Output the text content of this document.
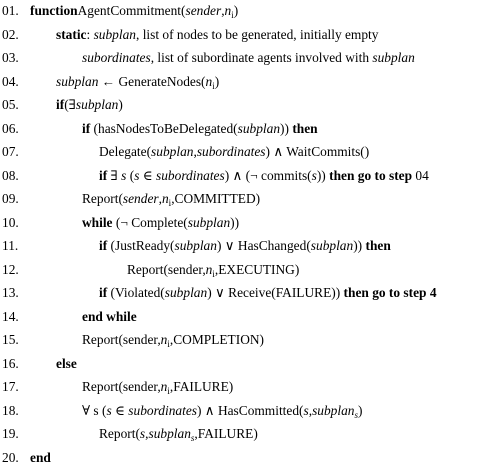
01. $functionAgentCommitment(sender,n_i)$
02.	static: subplan, list of nodes to be generated, initially empty
03.	subordinates, list of subordinate agents involved with subplan
04.	subplan ← $GenerateNodes(n_i)$
05.	if(∃subplan)
06.	if (hasNodesToBeDelegated(subplan)) then
07.	Delegate(subplan,subordinates) ∧ WaitCommits()
08.	if ∃ s (s ∈ subordinates) ∧ (¬ commits(s)) then go to step 04
09.	$Report(sender,n_i,COMMITTED)$
10.	while (¬ Complete(subplan))
11.	if (JustReady(subplan) ∨ HasChanged(subplan)) then
12.	$Report(sender,n_i,EXECUTING)$
13.	if (Violated(subplan) ∨ Receive(FAILURE)) then go to step 4
14.	end while
15.	$Report(sender,n_i,COMPLETION)$
16.	else
17.	$Report(sender,n_i,FAILURE)$
18.	∀ s (s ∈ subordinates) ∧ HasCommitted(s,subplan$_s$)
19.	Report(s,subplan$_s$,FAILURE)
20. end
